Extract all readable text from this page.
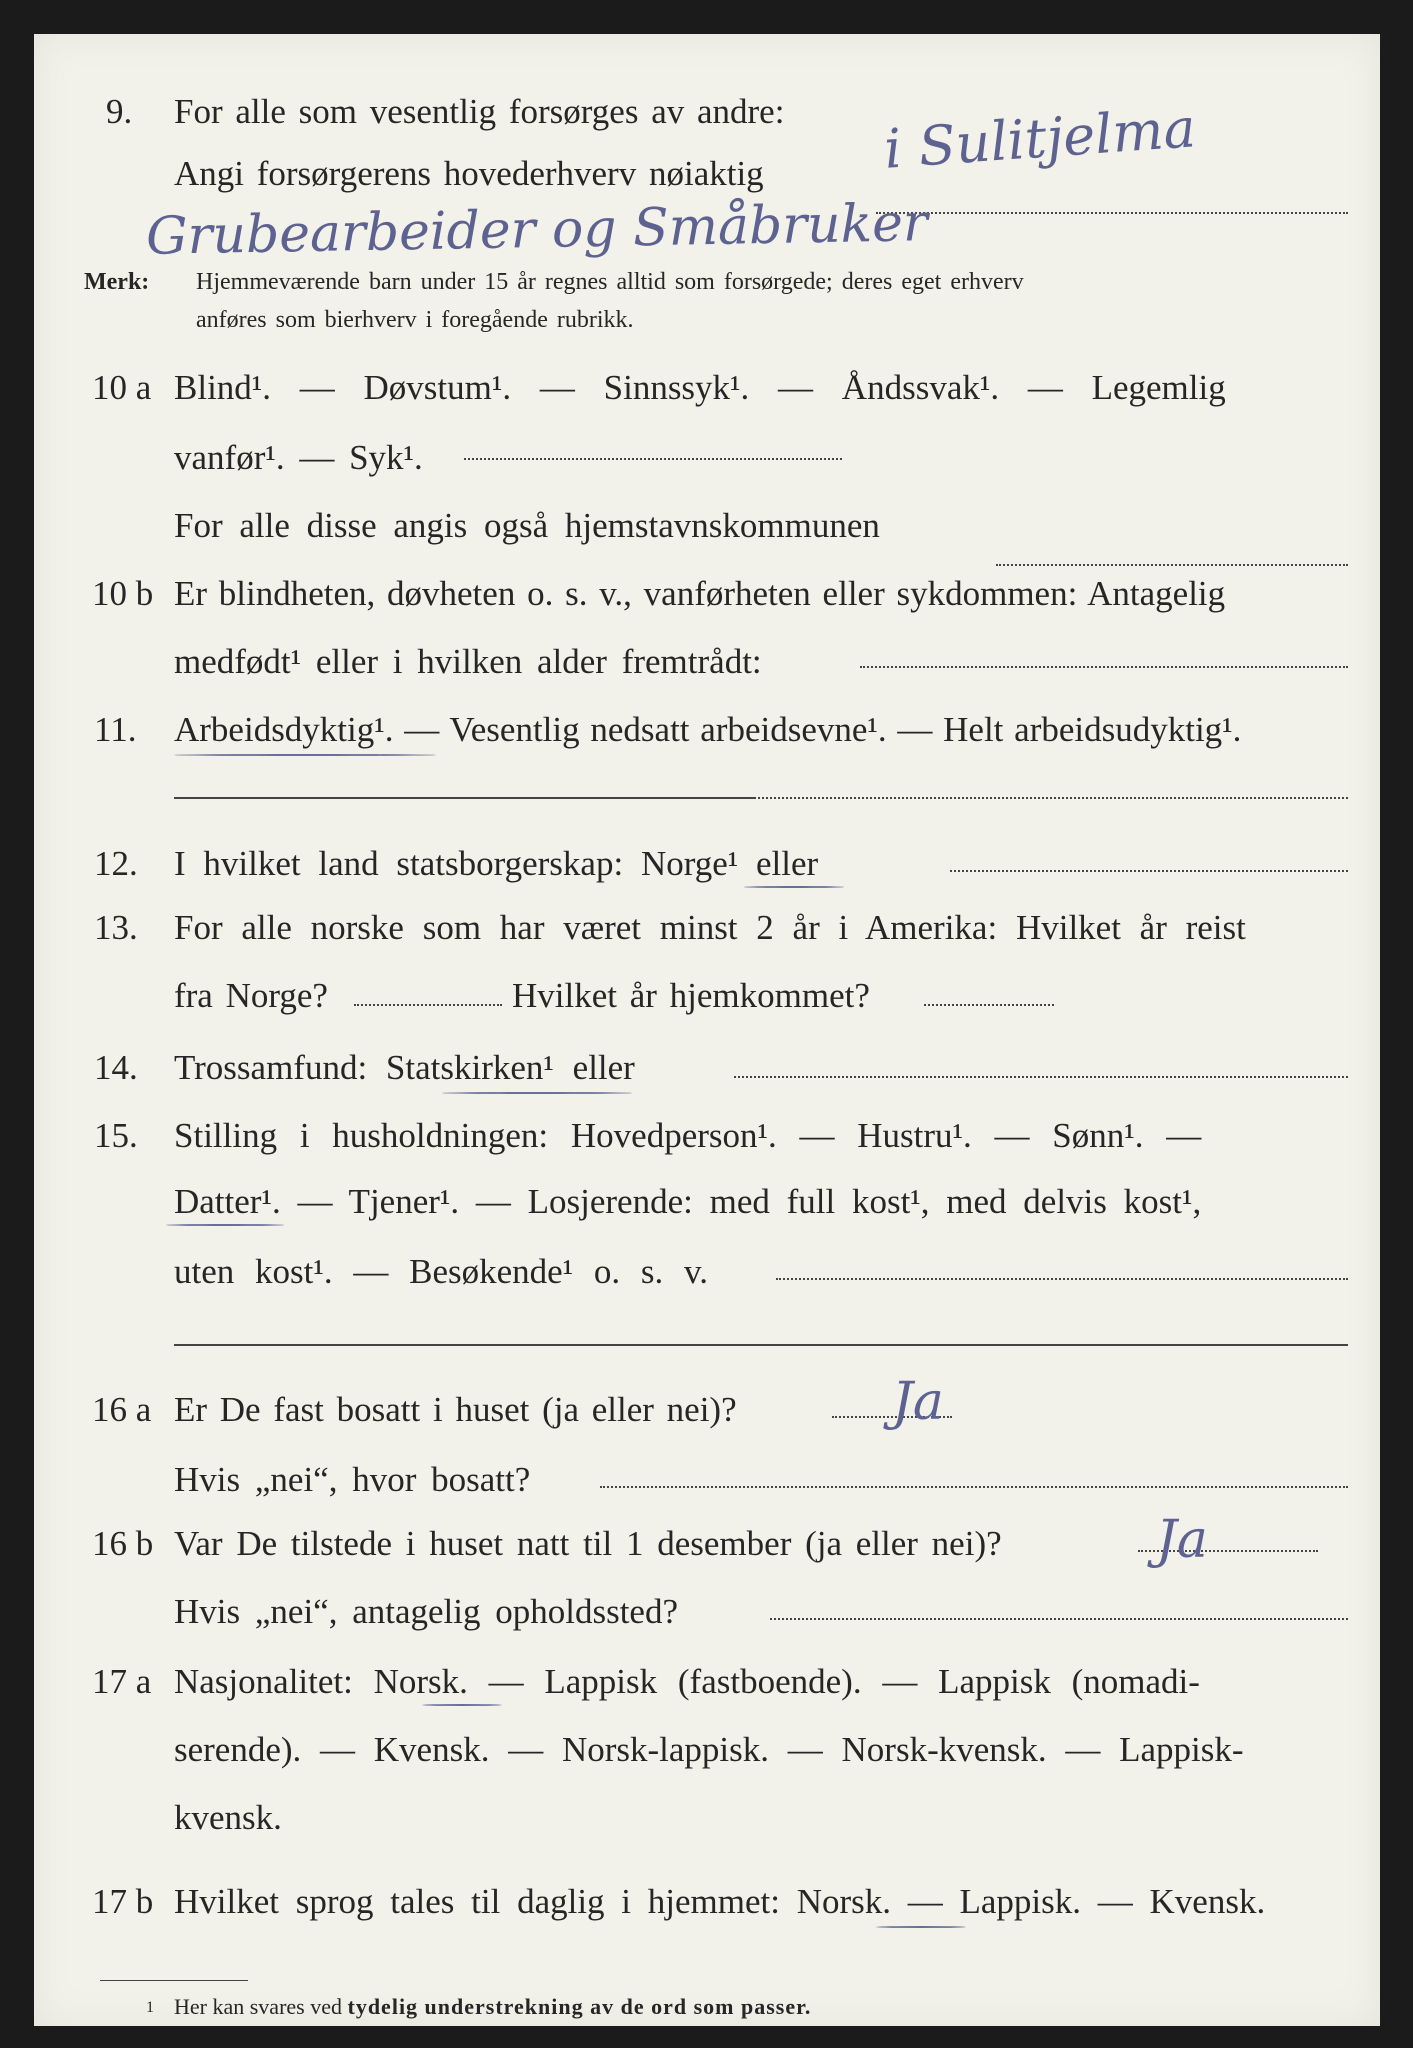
9. For alle som vesentlig forsørges av andre:
Angi forsørgerens hovederhverv nøiaktig i Sulitjelma
Grubearbeider og Småbruker
Merk: Hjemmeværende barn under 15 år regnes alltid som forsørgede; deres eget erhverv
anføres som bierhverv i foregående rubrikk.
10 a Blind¹. — Døvstum¹. — Sinnssyk¹. — Åndssvak¹. — Legemlig
vanfør¹. — Syk¹.
For alle disse angis også hjemstavnskommunen
10 b Er blindheten, døvheten o. s. v., vanførheten eller sykdommen: Antagelig
medfødt¹ eller i hvilken alder fremtrådt:
11. Arbeidsdyktig¹. — Vesentlig nedsatt arbeidsevne¹. — Helt arbeidsudyktig¹.
12. I hvilket land statsborgerskap: Norge¹ eller
13. For alle norske som har været minst 2 år i Amerika: Hvilket år reist
fra Norge?	Hvilket år hjemkommet?
14. Trossamfund: Statskirken¹ eller
15. Stilling i husholdningen: Hovedperson¹. — Hustru¹. — Sønn¹. —
Datter¹. — Tjener¹. — Losjerende: med full kost¹, med delvis kost¹,
uten kost¹. — Besøkende¹ o. s. v.
16 a Er De fast bosatt i huset (ja eller nei)?	Ja
Hvis „nei“, hvor bosatt?
16 b Var De tilstede i huset natt til 1 desember (ja eller nei)?	Ja
Hvis „nei“, antagelig opholdssted?
17 a Nasjonalitet: Norsk. — Lappisk (fastboende). — Lappisk (nomadi-
serende). — Kvensk. — Norsk-lappisk. — Norsk-kvensk. — Lappisk-
kvensk.
17 b Hvilket sprog tales til daglig i hjemmet: Norsk. — Lappisk. — Kvensk.
1 Her kan svares ved tydelig understrekning av de ord som passer.
